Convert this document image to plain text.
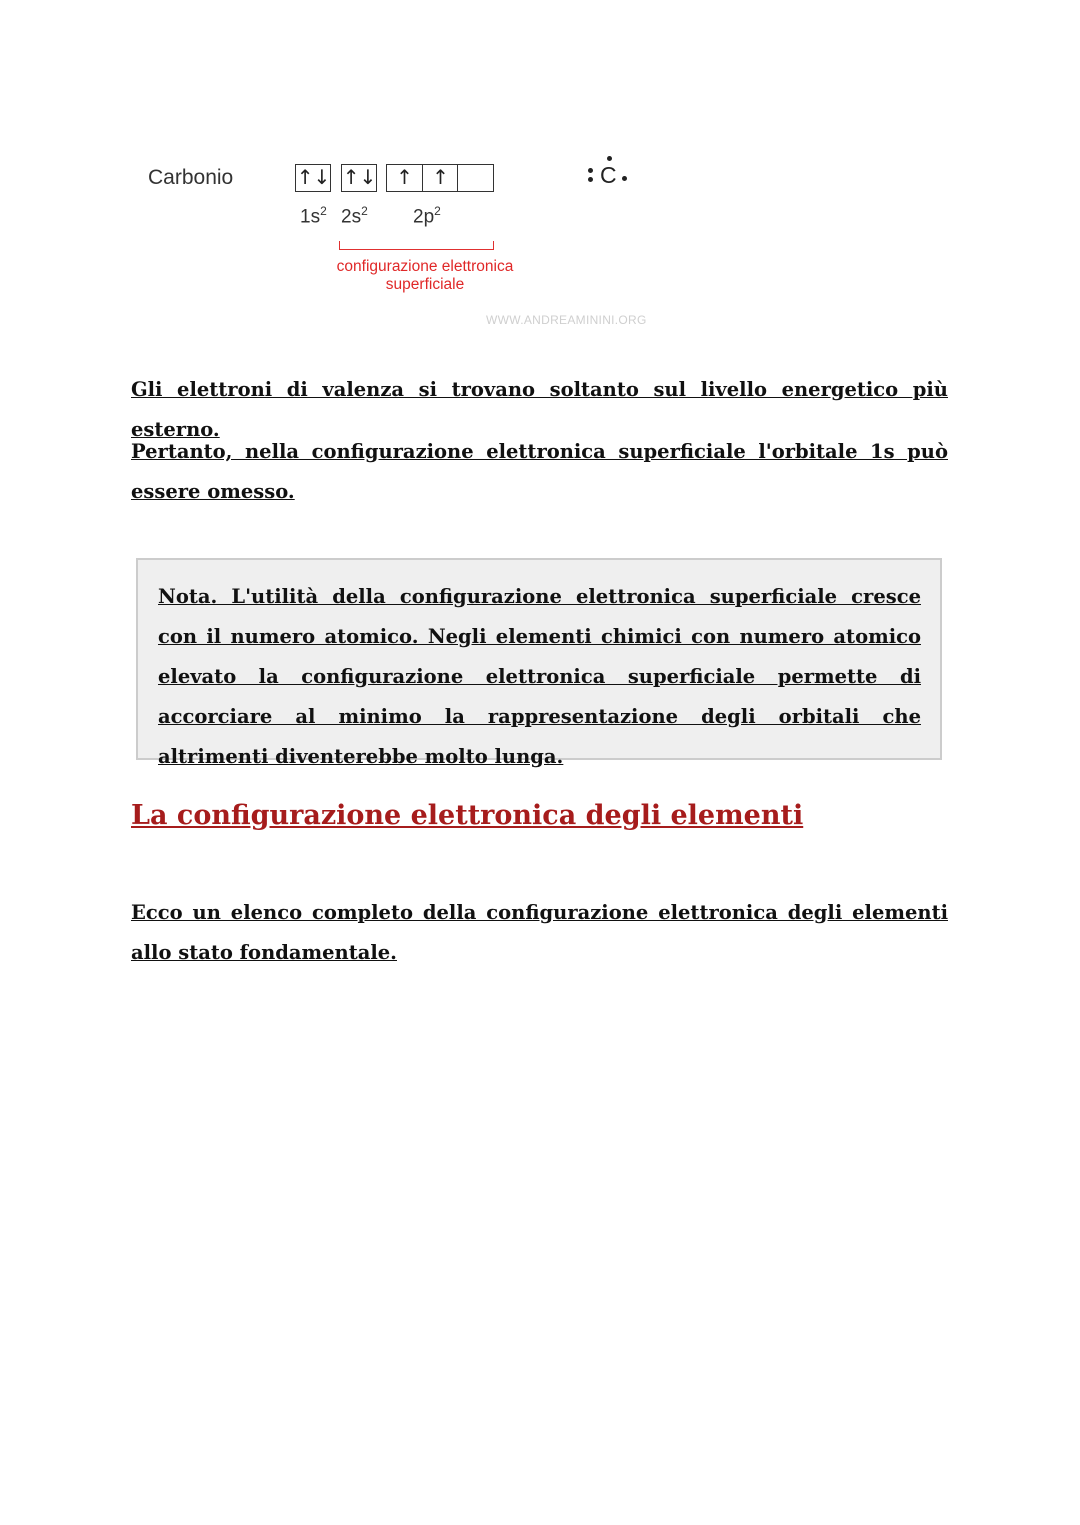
Carbonio	↑↓ ↑↓ ↑ ↑
$1s^2$ $2s^2$ $2p^2$
configurazione elettronica
superficiale
C
WWW.ANDREAMININI.ORG

Gli elettroni di valenza si trovano soltanto sul livello energetico più esterno.

Pertanto, nella configurazione elettronica superficiale l'orbitale 1s può essere omesso.

Nota. L'utilità della configurazione elettronica superficiale cresce con il numero atomico. Negli elementi chimici con numero atomico elevato la configurazione elettronica superficiale permette di accorciare al minimo la rappresentazione degli orbitali che altrimenti diventerebbe molto lunga.

La configurazione elettronica degli elementi

Ecco un elenco completo della configurazione elettronica degli elementi allo stato fondamentale.
